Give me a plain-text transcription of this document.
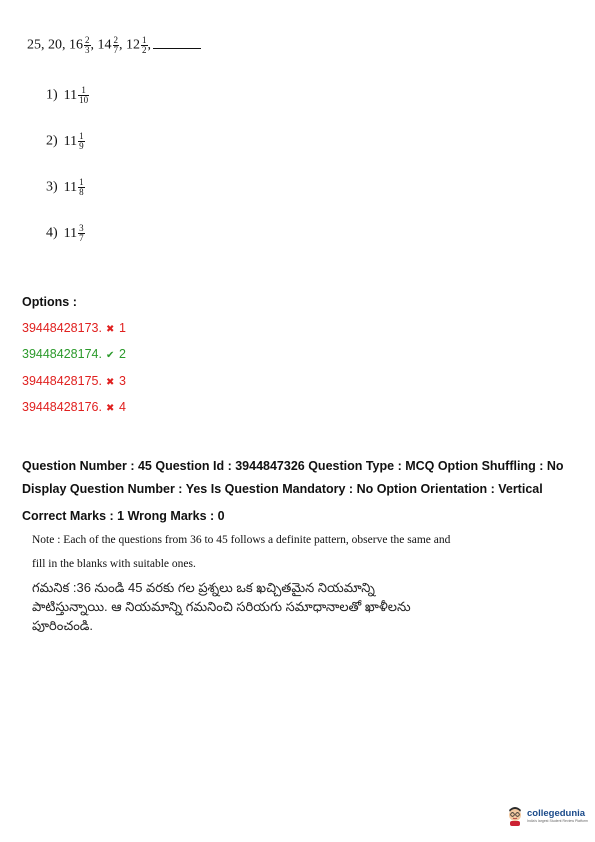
25, 20, $16 \frac{2}{3}$ , $14 \frac{2}{7}$ , $12 \frac{1}{2}$ ,
1) $11 \frac{1}{10}$
2) $11 \frac{1}{9}$
3) $11 \frac{1}{8}$
4) $11 \frac{3}{7}$
Options :
39448428173. ✖ 1
39448428174. ✔ 2
39448428175. ✖ 3
39448428176. ✖ 4
Question Number : 45 Question Id : 3944847326 Question Type : MCQ Option Shuffling : No
Display Question Number : Yes Is Question Mandatory : No Option Orientation : Vertical
Correct Marks : 1 Wrong Marks : 0
Note : Each of the questions from 36 to 45 follows a definite pattern, observe the same and
fill in the blanks with suitable ones.
గమనిక :36 నుండి 45 వరకు గల ప్రశ్నలు ఒక ఖచ్చితమైన నియమాన్ని పాటిస్తున్నాయి. ఆ నియమాన్ని గమనించి సరియగు సమాధానాలతో ఖాళీలను పూరించండి.
collegedunia
India's largest Student Review Platform
